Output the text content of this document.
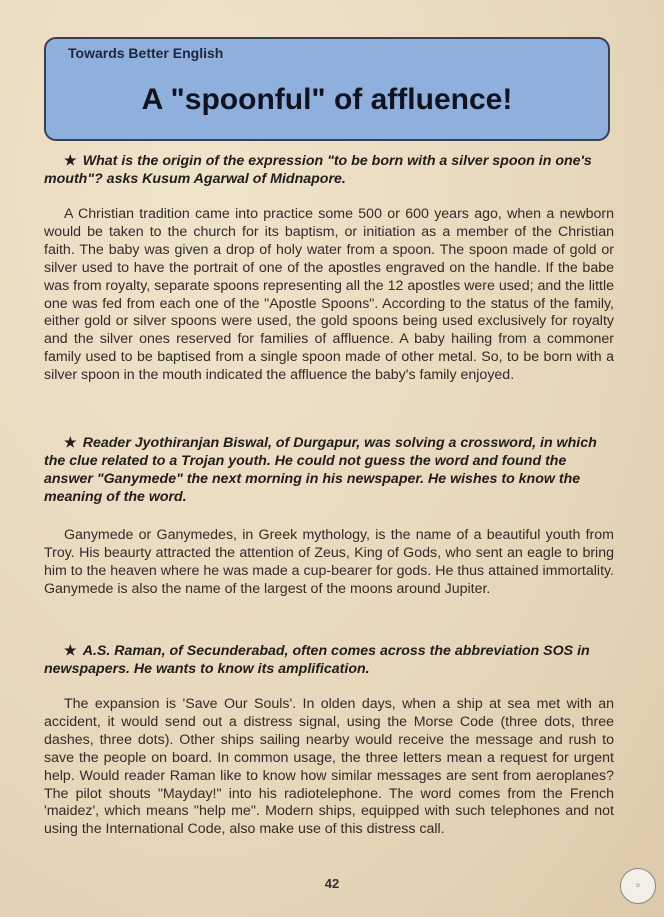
Towards Better English
A "spoonful" of affluence!
★ What is the origin of the expression "to be born with a silver spoon in one's mouth"? asks Kusum Agarwal of Midnapore.
A Christian tradition came into practice some 500 or 600 years ago, when a newborn would be taken to the church for its baptism, or initiation as a member of the Christian faith. The baby was given a drop of holy water from a spoon. The spoon made of gold or silver used to have the portrait of one of the apostles engraved on the handle. If the babe was from royalty, separate spoons representing all the 12 apostles were used; and the little one was fed from each one of the "Apostle Spoons". According to the status of the family, either gold or silver spoons were used, the gold spoons being used exclusively for royalty and the silver ones reserved for families of affluence. A baby hailing from a commoner family used to be baptised from a single spoon made of other metal. So, to be born with a silver spoon in the mouth indicated the affluence the baby's family enjoyed.
★ Reader Jyothiranjan Biswal, of Durgapur, was solving a crossword, in which the clue related to a Trojan youth. He could not guess the word and found the answer "Ganymede" the next morning in his newspaper. He wishes to know the meaning of the word.
Ganymede or Ganymedes, in Greek mythology, is the name of a beautiful youth from Troy. His beaurty attracted the attention of Zeus, King of Gods, who sent an eagle to bring him to the heaven where he was made a cup-bearer for gods. He thus attained immortality. Ganymede is also the name of the largest of the moons around Jupiter.
★ A.S. Raman, of Secunderabad, often comes across the abbreviation SOS in newspapers. He wants to know its amplification.
The expansion is 'Save Our Souls'. In olden days, when a ship at sea met with an accident, it would send out a distress signal, using the Morse Code (three dots, three dashes, three dots). Other ships sailing nearby would receive the message and rush to save the people on board. In common usage, the three letters mean a request for urgent help. Would reader Raman like to know how similar messages are sent from aeroplanes? The pilot shouts "Mayday!" into his radiotelephone. The word comes from the French 'maidez', which means "help me". Modern ships, equipped with such telephones and not using the International Code, also make use of this distress call.
42	☺
